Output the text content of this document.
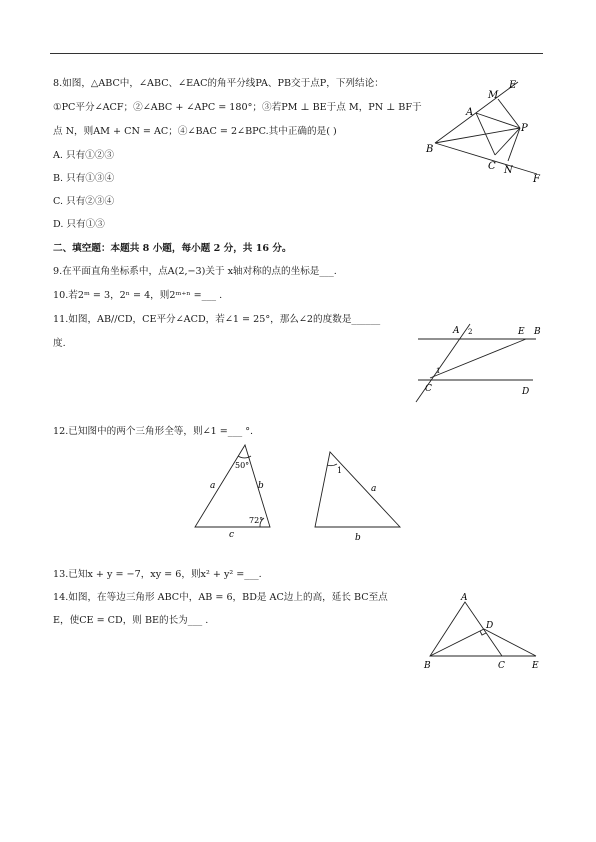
8.如图，△ABC中，∠ABC、∠EAC的角平分线PA、PB交于点P，下列结论：
①PC平分∠ACF；②∠ABC + ∠APC = 180°；③若PM ⊥ BE于点 M，PN ⊥ BF于
点 N，则AM + CN = AC；④∠BAC = 2∠BPC.其中正确的是( )
A. 只有①②③
B. 只有①③④
C. 只有②③④
D. 只有①③
M
E
A
P
B
C N
F
二、填空题：本题共 8 小题，每小题 2 分，共 16 分。
9.在平面直角坐标系中，点A(2,−3)关于 x轴对称的点的坐标是___.
10.若2ᵐ = 3，2ⁿ = 4，则2ᵐ⁺ⁿ =___ .
11.如图，AB//CD，CE平分∠ACD，若∠1 = 25°，那么∠2的度数是______
度.
A 2	E B
1
C	D
12.已知图中的两个三角形全等，则∠1 =___ °.
50°
72°
a	b
c
1
a
b
13.已知x + y = −7，xy = 6，则x² + y² =___.
14.如图，在等边三角形 ABC中，AB = 6，BD是 AC边上的高，延长 BC至点
E，使CE = CD，则 BE的长为___ .
A
D
B	C	E
